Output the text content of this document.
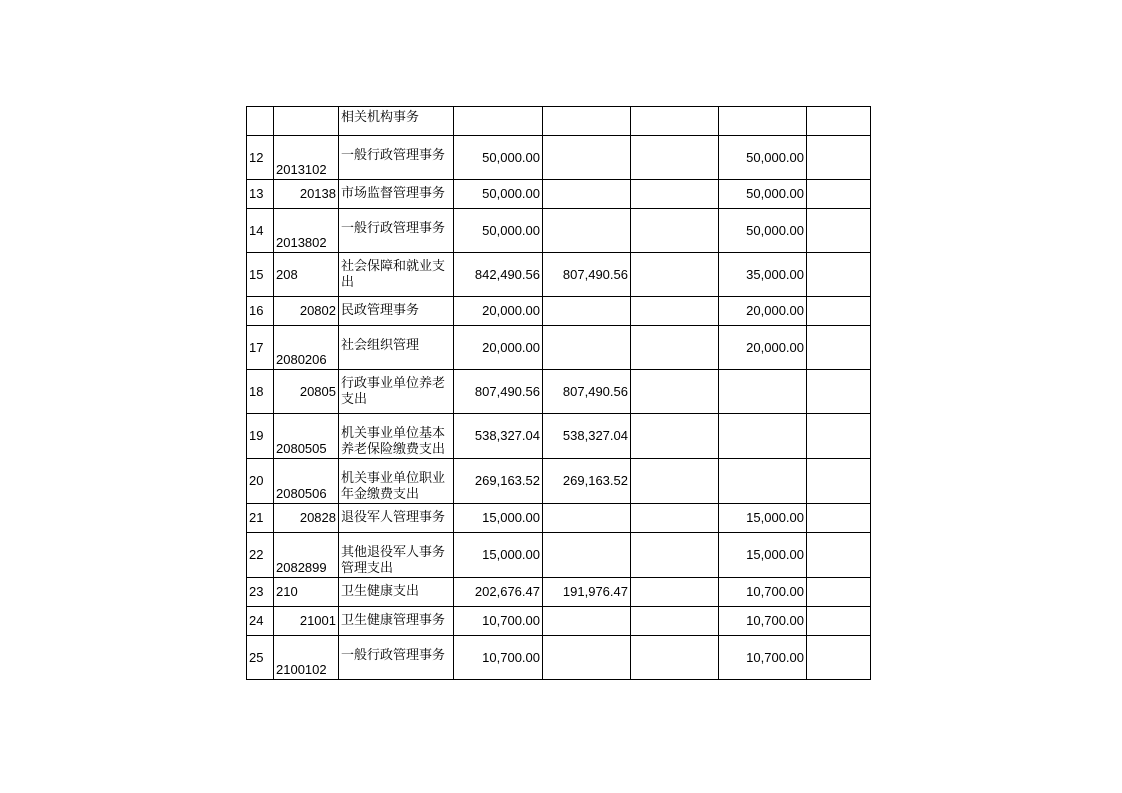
		相关机构事务					
12	2013102	一般行政管理事务	50,000.00			50,000.00	
13	20138	市场监督管理事务	50,000.00			50,000.00	
14	2013802	一般行政管理事务	50,000.00			50,000.00	
15	208	社会保障和就业支出	842,490.56	807,490.56		35,000.00	
16	20802	民政管理事务	20,000.00			20,000.00	
17	2080206	社会组织管理	20,000.00			20,000.00	
18	20805	行政事业单位养老支出	807,490.56	807,490.56			
19	2080505	机关事业单位基本养老保险缴费支出	538,327.04	538,327.04			
20	2080506	机关事业单位职业年金缴费支出	269,163.52	269,163.52			
21	20828	退役军人管理事务	15,000.00			15,000.00	
22	2082899	其他退役军人事务管理支出	15,000.00			15,000.00	
23	210	卫生健康支出	202,676.47	191,976.47		10,700.00	
24	21001	卫生健康管理事务	10,700.00			10,700.00	
25	2100102	一般行政管理事务	10,700.00			10,700.00	
